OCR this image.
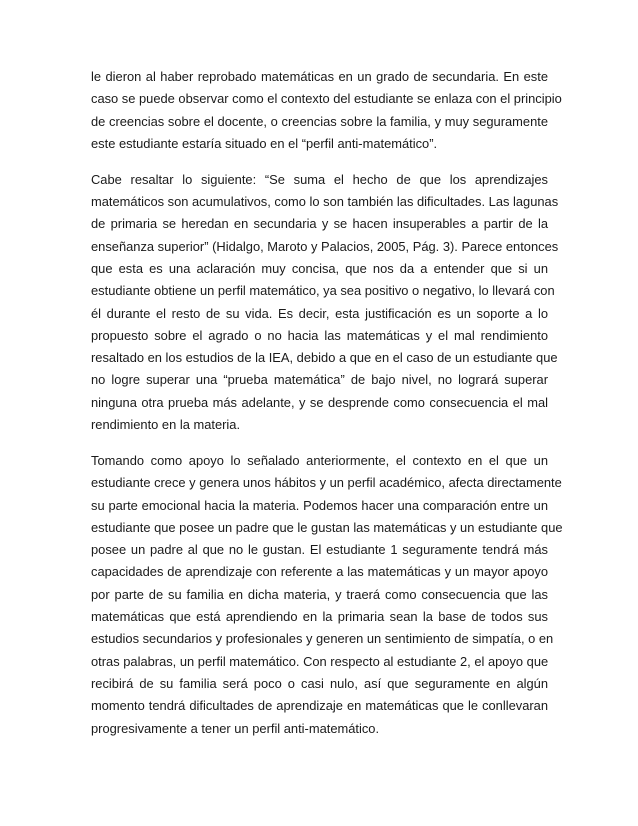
le dieron al haber reprobado matemáticas en un grado de secundaria. En este
caso se puede observar como el contexto del estudiante se enlaza con el principio
de creencias sobre el docente, o creencias sobre la familia, y muy seguramente
este estudiante estaría situado en el “perfil anti-matemático”.
Cabe resaltar lo siguiente: “Se suma el hecho de que los aprendizajes
matemáticos son acumulativos, como lo son también las dificultades. Las lagunas
de primaria se heredan en secundaria y se hacen insuperables a partir de la
enseñanza superior” (Hidalgo, Maroto y Palacios, 2005, Pág. 3). Parece entonces
que esta es una aclaración muy concisa, que nos da a entender que si un
estudiante obtiene un perfil matemático, ya sea positivo o negativo, lo llevará con
él durante el resto de su vida. Es decir, esta justificación es un soporte a lo
propuesto sobre el agrado o no hacia las matemáticas y el mal rendimiento
resaltado en los estudios de la IEA, debido a que en el caso de un estudiante que
no logre superar una “prueba matemática” de bajo nivel, no logrará superar
ninguna otra prueba más adelante, y se desprende como consecuencia el mal
rendimiento en la materia.
Tomando como apoyo lo señalado anteriormente, el contexto en el que un
estudiante crece y genera unos hábitos y un perfil académico, afecta directamente
su parte emocional hacia la materia. Podemos hacer una comparación entre un
estudiante que posee un padre que le gustan las matemáticas y un estudiante que
posee un padre al que no le gustan. El estudiante 1 seguramente tendrá más
capacidades de aprendizaje con referente a las matemáticas y un mayor apoyo
por parte de su familia en dicha materia, y traerá como consecuencia que las
matemáticas que está aprendiendo en la primaria sean la base de todos sus
estudios secundarios y profesionales y generen un sentimiento de simpatía, o en
otras palabras, un perfil matemático. Con respecto al estudiante 2, el apoyo que
recibirá de su familia será poco o casi nulo, así que seguramente en algún
momento tendrá dificultades de aprendizaje en matemáticas que le conllevaran
progresivamente a tener un perfil anti-matemático.
